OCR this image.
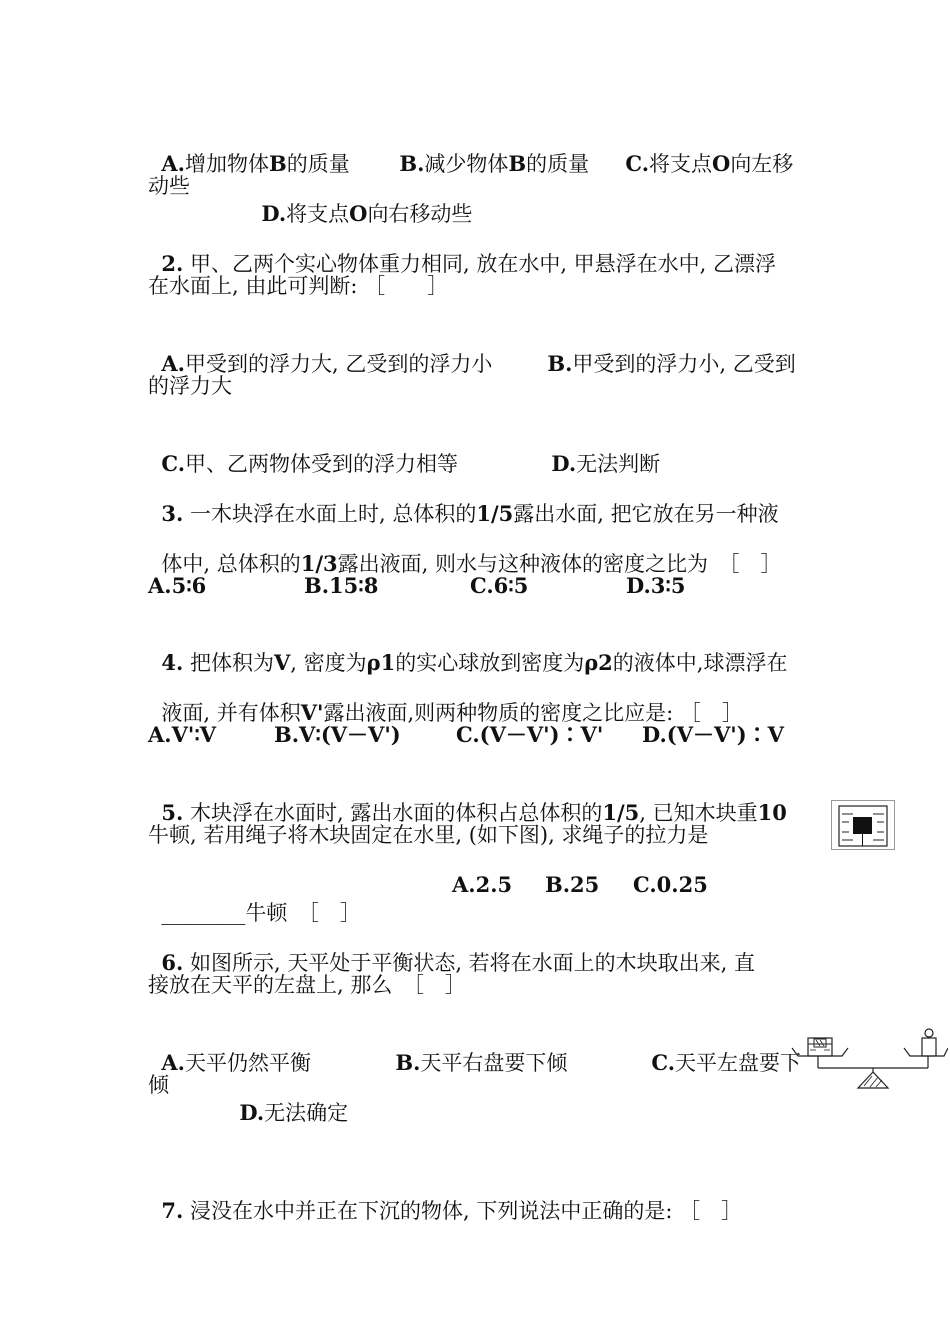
A.增加物体B的质量	B.减少物体B的质量	C.将支点O向左移

动些

D.将支点O向右移动些

2. 甲、乙两个实心物体重力相同, 放在水中, 甲悬浮在水中, 乙漂浮

在水面上, 由此可判断: ［　　］

A.甲受到的浮力大, 乙受到的浮力小	B.甲受到的浮力小, 乙受到

的浮力大

C.甲、乙两物体受到的浮力相等	D.无法判断

3. 一木块浮在水面上时, 总体积的1/5露出水面, 把它放在另一种液

体中, 总体积的1/3露出液面, 则水与这种液体的密度之比为　［　］

A.5∶6	B.15∶8	C.6∶5	D.3∶5

4. 把体积为V, 密度为ρ1的实心球放到密度为ρ2的液体中,球漂浮在

液面, 并有体积V'露出液面,则两种物质的密度之比应是: ［　］

A.V'∶V	B.V∶(V－V')	C.(V－V')∶V' D.(V－V')∶V

5. 木块浮在水面时, 露出水面的体积占总体积的1/5, 已知木块重10

牛顿, 若用绳子将木块固定在水里, (如下图), 求绳子的拉力是

________牛顿　［　］

A.2.5 B.25 C.0.25

6. 如图所示, 天平处于平衡状态, 若将在水面上的木块取出来, 直

接放在天平的左盘上, 那么　［　］

A.天平仍然平衡	B.天平右盘要下倾	C.天平左盘要下

倾

D.无法确定

7. 浸没在水中并正在下沉的物体, 下列说法中正确的是: ［　］
